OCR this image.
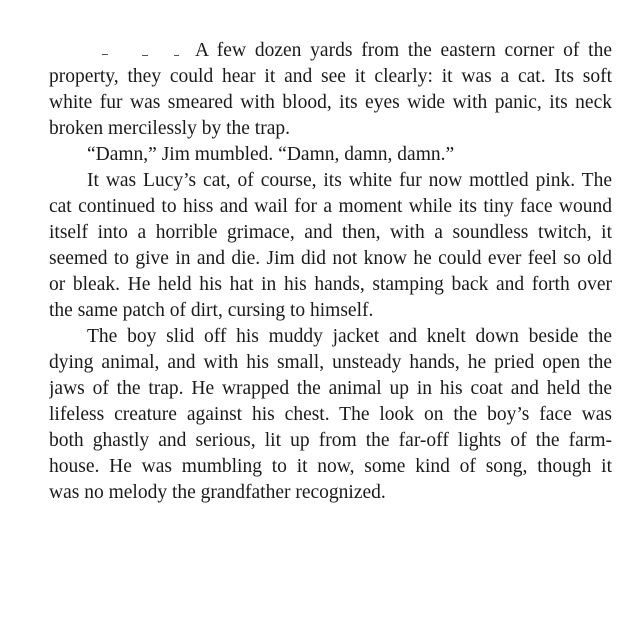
A few dozen yards from the eastern corner of the
property, they could hear it and see it clearly: it was a cat. Its soft
white fur was smeared with blood, its eyes wide with panic, its neck
broken mercilessly by the trap.
“Damn,” Jim mumbled. “Damn, damn, damn.”
It was Lucy’s cat, of course, its white fur now mottled pink. The
cat continued to hiss and wail for a moment while its tiny face wound
itself into a horrible grimace, and then, with a soundless twitch, it
seemed to give in and die. Jim did not know he could ever feel so old
or bleak. He held his hat in his hands, stamping back and forth over
the same patch of dirt, cursing to himself.
The boy slid off his muddy jacket and knelt down beside the
dying animal, and with his small, unsteady hands, he pried open the
jaws of the trap. He wrapped the animal up in his coat and held the
lifeless creature against his chest. The look on the boy’s face was
both ghastly and serious, lit up from the far-off lights of the farm-
house. He was mumbling to it now, some kind of song, though it
was no melody the grandfather recognized.
